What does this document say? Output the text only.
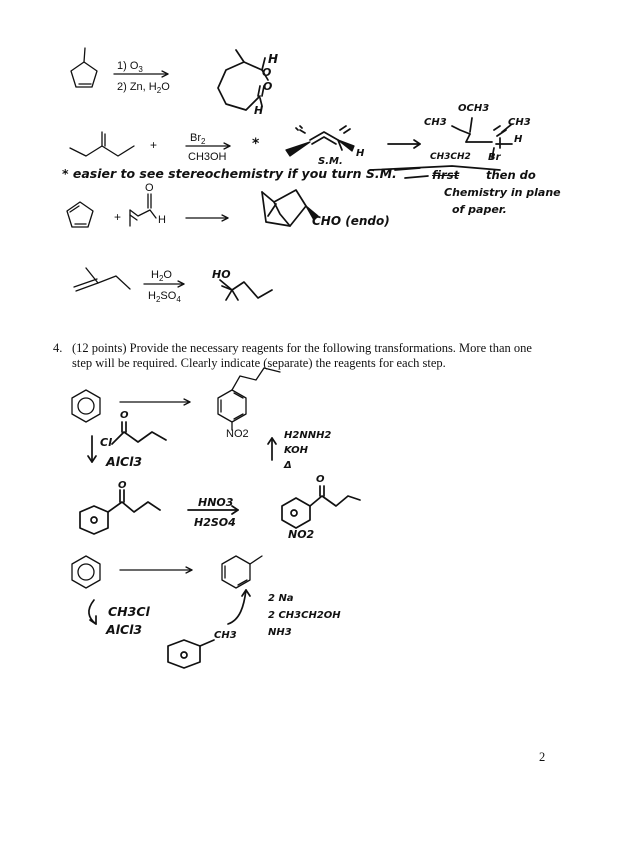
1) $O_3$
2) Zn, $H_2O$
H
O
O
H
+	$Br_2$
CH3OH
*
H
S.M.
OCH3
CH3	CH3
H
CH3CH2 Br
* easier to see stereochemistry if you turn S.M.	first then do
Chemistry in plane
of paper.
+
O
H	CHO (endo)
$H_2O$
$H_2SO_4$
HO
4. (12 points) Provide the necessary reagents for the following transformations. More than one
step will be required. Clearly indicate (separate) the reagents for each step.
NO2
O
Cl
AlCl3
H2NNH2
KOH
Δ
O
HNO3
H2SO4
O
NO2
CH3Cl
AlCl3	CH3
2 Na
2 CH3CH2OH
NH3
2
